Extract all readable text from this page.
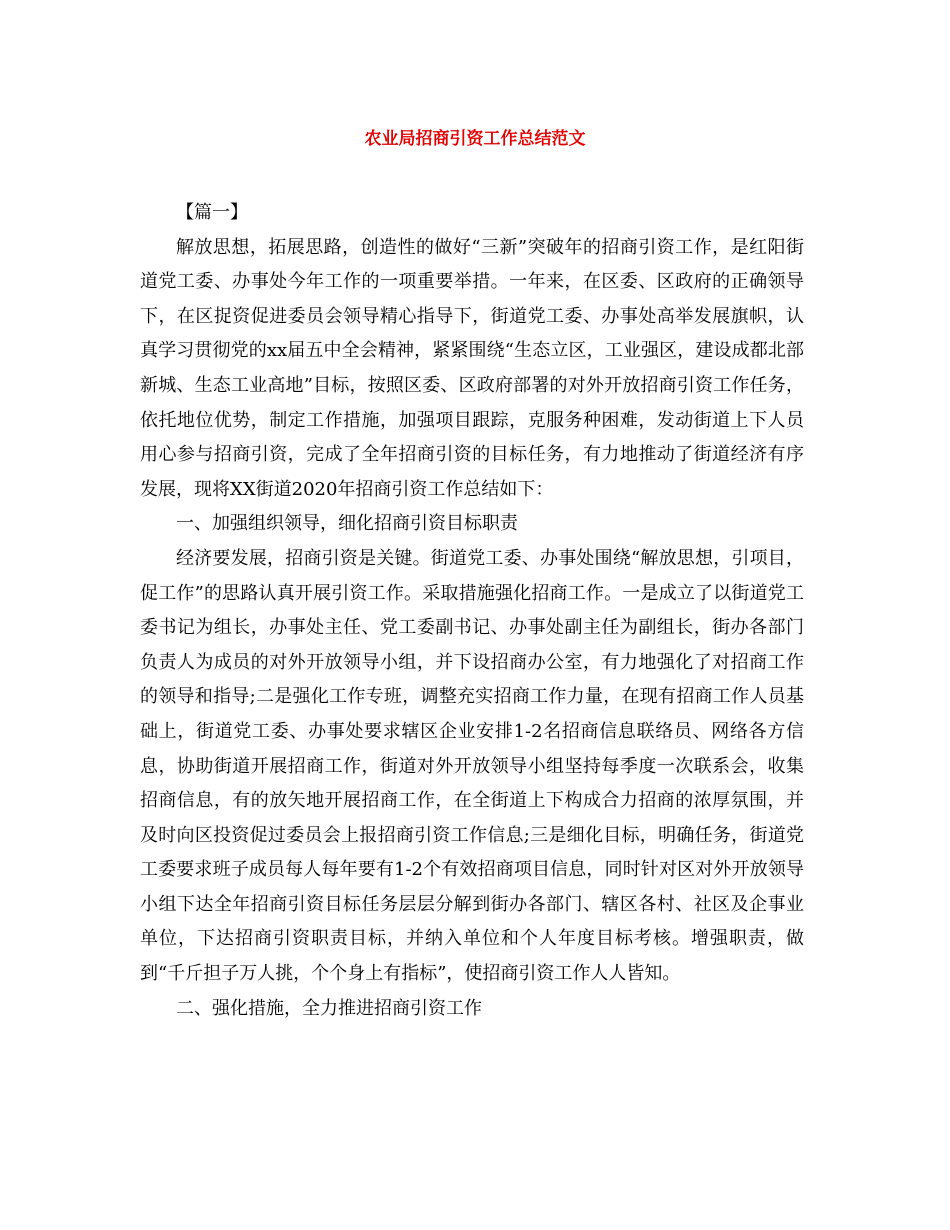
农业局招商引资工作总结范文

【篇一】

解放思想，拓展思路，创造性的做好“三新”突破年的招商引资工作，是红阳街道党工委、办事处今年工作的一项重要举措。一年来，在区委、区政府的正确领导下，在区捉资促进委员会领导精心指导下，街道党工委、办事处高举发展旗帜，认真学习贯彻党的xx届五中全会精神，紧紧围绕“生态立区，工业强区，建设成都北部新城、生态工业高地”目标，按照区委、区政府部署的对外开放招商引资工作任务，依托地位优势，制定工作措施，加强项目跟踪，克服务种困难，发动街道上下人员用心参与招商引资，完成了全年招商引资的目标任务，有力地推动了街道经济有序发展，现将XX街道2020年招商引资工作总结如下：

一、加强组织领导，细化招商引资目标职责

经济要发展，招商引资是关键。街道党工委、办事处围绕“解放思想，引项目，促工作”的思路认真开展引资工作。采取措施强化招商工作。一是成立了以街道党工委书记为组长，办事处主任、党工委副书记、办事处副主任为副组长，街办各部门负责人为成员的对外开放领导小组，并下设招商办公室，有力地强化了对招商工作的领导和指导;二是强化工作专班，调整充实招商工作力量，在现有招商工作人员基础上，街道党工委、办事处要求辖区企业安排1-2名招商信息联络员、网络各方信息，协助街道开展招商工作，街道对外开放领导小组坚持每季度一次联系会，收集招商信息，有的放矢地开展招商工作，在全街道上下构成合力招商的浓厚氛围，并及时向区投资促过委员会上报招商引资工作信息;三是细化目标，明确任务，街道党工委要求班子成员每人每年要有1-2个有效招商项目信息，同时针对区对外开放领导小组下达全年招商引资目标任务层层分解到街办各部门、辖区各村、社区及企事业单位，下达招商引资职责目标，并纳入单位和个人年度目标考核。增强职责，做到“千斤担子万人挑，个个身上有指标”，使招商引资工作人人皆知。

二、强化措施，全力推进招商引资工作
